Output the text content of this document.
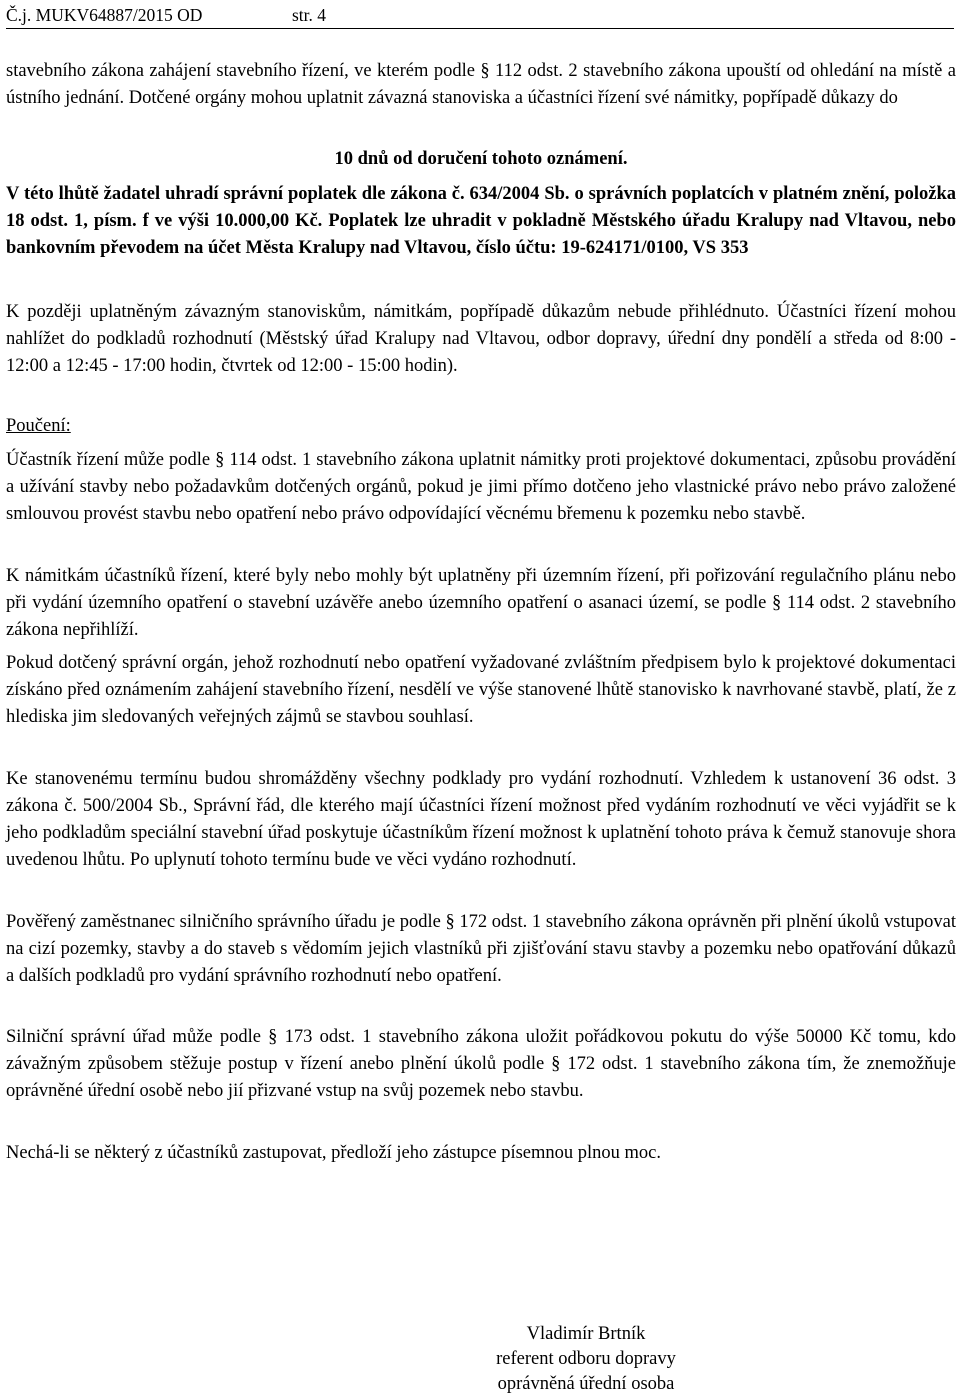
Č.j. MUKV64887/2015 OD	str. 4
stavebního zákona zahájení stavebního řízení, ve kterém podle § 112 odst. 2 stavebního zákona upouští od ohledání na místě a ústního jednání. Dotčené orgány mohou uplatnit závazná stanoviska a účastníci řízení své námitky, popřípadě důkazy do
10 dnů od doručení tohoto oznámení.
V této lhůtě žadatel uhradí správní poplatek dle zákona č. 634/2004 Sb. o správních poplatcích v platném znění, položka 18 odst. 1, písm. f ve výši 10.000,00 Kč. Poplatek lze uhradit v pokladně Městského úřadu Kralupy nad Vltavou, nebo bankovním převodem na účet Města Kralupy nad Vltavou, číslo účtu: 19-624171/0100, VS 353
K později uplatněným závazným stanoviskům, námitkám, popřípadě důkazům nebude přihlédnuto. Účastníci řízení mohou nahlížet do podkladů rozhodnutí (Městský úřad Kralupy nad Vltavou, odbor dopravy, úřední dny pondělí a středa od 8:00 - 12:00 a 12:45 - 17:00 hodin, čtvrtek od 12:00 - 15:00 hodin).
Poučení:
Účastník řízení může podle § 114 odst. 1 stavebního zákona uplatnit námitky proti projektové dokumentaci, způsobu provádění a užívání stavby nebo požadavkům dotčených orgánů, pokud je jimi přímo dotčeno jeho vlastnické právo nebo právo založené smlouvou provést stavbu nebo opatření nebo právo odpovídající věcnému břemenu k pozemku nebo stavbě.
K námitkám účastníků řízení, které byly nebo mohly být uplatněny při územním řízení, při pořizování regulačního plánu nebo při vydání územního opatření o stavební uzávěře anebo územního opatření o asanaci území, se podle § 114 odst. 2 stavebního zákona nepřihlíží.
Pokud dotčený správní orgán, jehož rozhodnutí nebo opatření vyžadované zvláštním předpisem bylo k projektové dokumentaci získáno před oznámením zahájení stavebního řízení, nesdělí ve výše stanovené lhůtě stanovisko k navrhované stavbě, platí, že z hlediska jim sledovaných veřejných zájmů se stavbou souhlasí.
Ke stanovenému termínu budou shromážděny všechny podklady pro vydání rozhodnutí. Vzhledem k ustanovení 36 odst. 3 zákona č. 500/2004 Sb., Správní řád, dle kterého mají účastníci řízení možnost před vydáním rozhodnutí ve věci vyjádřit se k jeho podkladům speciální stavební úřad poskytuje účastníkům řízení možnost k uplatnění tohoto práva k čemuž stanovuje shora uvedenou lhůtu. Po uplynutí tohoto termínu bude ve věci vydáno rozhodnutí.
Pověřený zaměstnanec silničního správního úřadu je podle § 172 odst. 1 stavebního zákona oprávněn při plnění úkolů vstupovat na cizí pozemky, stavby a do staveb s vědomím jejich vlastníků při zjišťování stavu stavby a pozemku nebo opatřování důkazů a dalších podkladů pro vydání správního rozhodnutí nebo opatření.
Silniční správní úřad může podle § 173 odst. 1 stavebního zákona uložit pořádkovou pokutu do výše 50000 Kč tomu, kdo závažným způsobem stěžuje postup v řízení anebo plnění úkolů podle § 172 odst. 1 stavebního zákona tím, že znemožňuje oprávněné úřední osobě nebo jií přizvané vstup na svůj pozemek nebo stavbu.
Nechá-li se některý z účastníků zastupovat, předloží jeho zástupce písemnou plnou moc.
Vladimír Brtník
referent odboru dopravy
oprávněná úřední osoba
